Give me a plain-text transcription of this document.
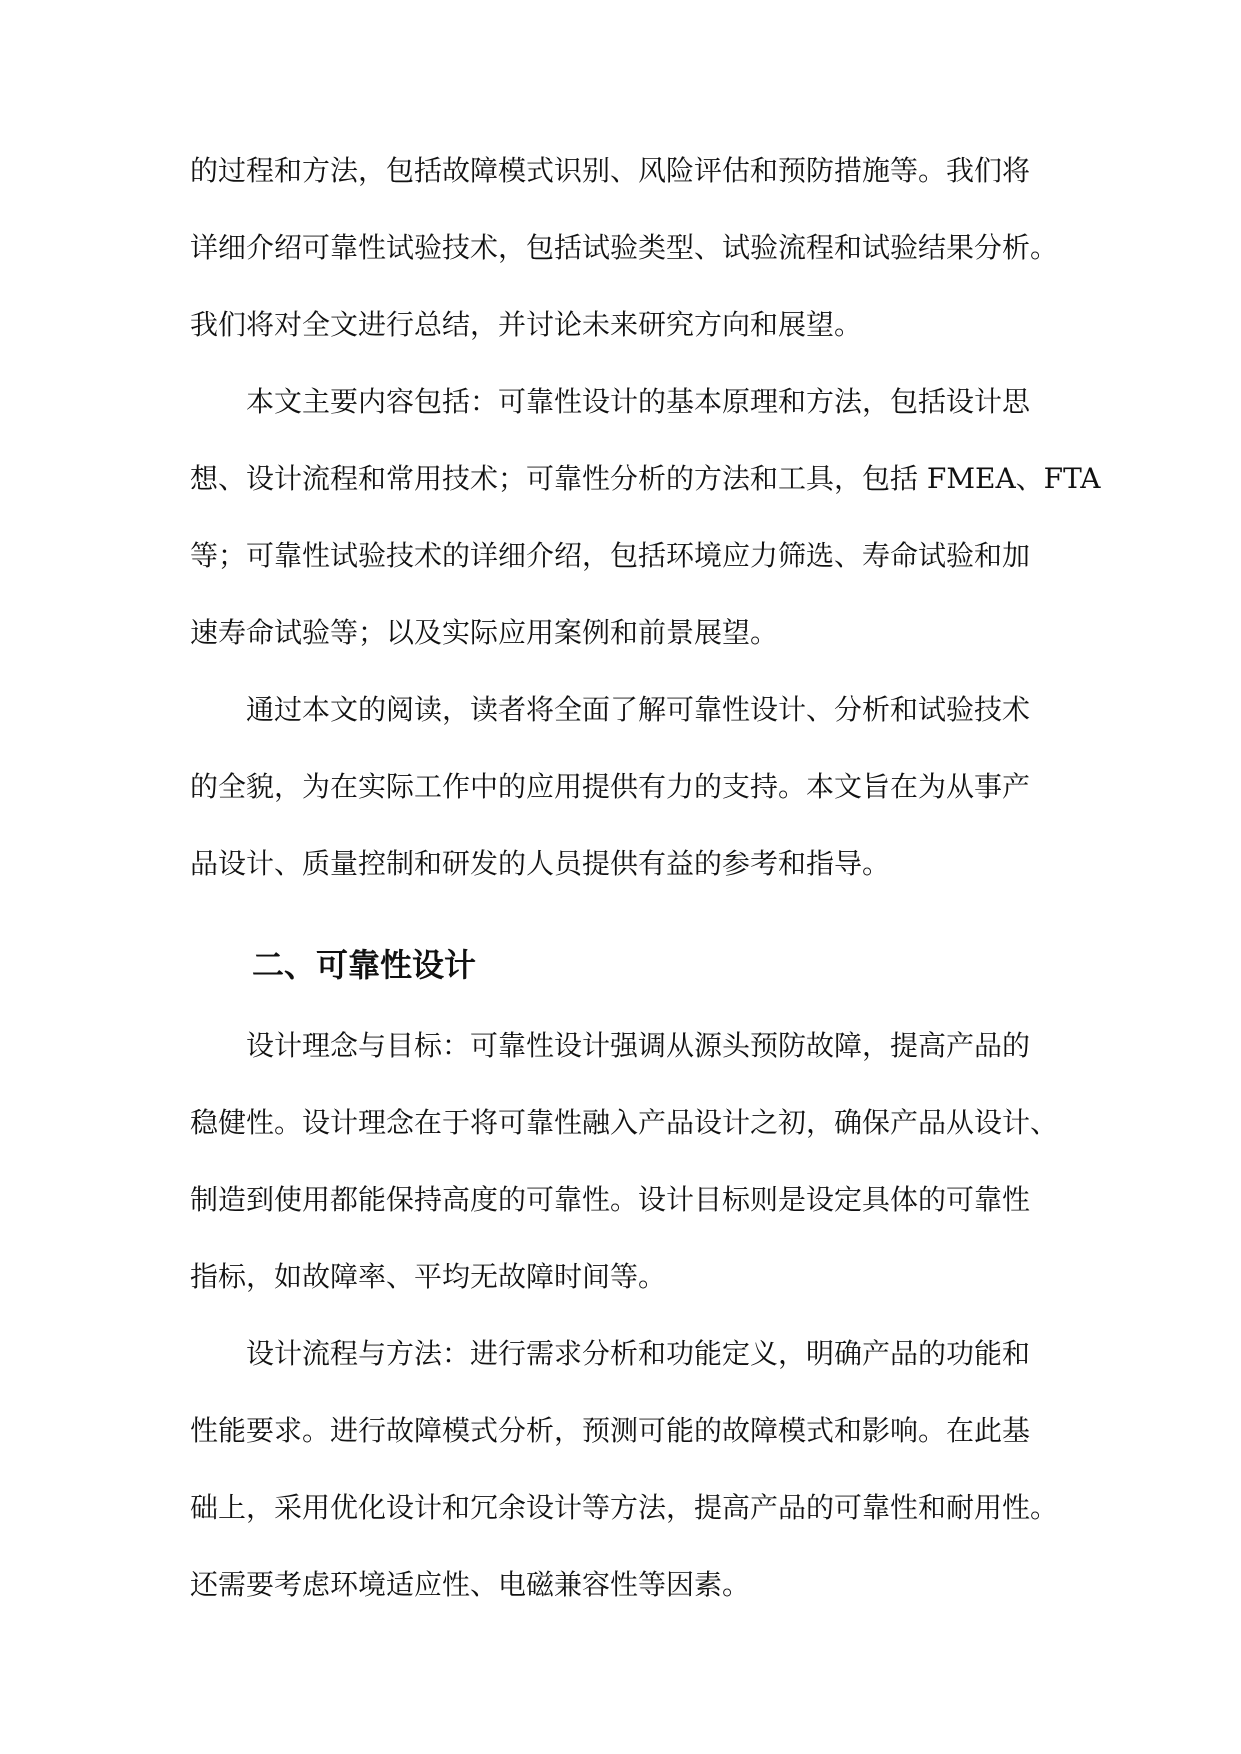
的过程和方法，包括故障模式识别、风险评估和预防措施等。我们将
详细介绍可靠性试验技术，包括试验类型、试验流程和试验结果分析。
我们将对全文进行总结，并讨论未来研究方向和展望。
　　本文主要内容包括：可靠性设计的基本原理和方法，包括设计思
想、设计流程和常用技术；可靠性分析的方法和工具，包括 FMEA、FTA
等；可靠性试验技术的详细介绍，包括环境应力筛选、寿命试验和加
速寿命试验等；以及实际应用案例和前景展望。
　　通过本文的阅读，读者将全面了解可靠性设计、分析和试验技术
的全貌，为在实际工作中的应用提供有力的支持。本文旨在为从事产
品设计、质量控制和研发的人员提供有益的参考和指导。
二、可靠性设计
　　设计理念与目标：可靠性设计强调从源头预防故障，提高产品的
稳健性。设计理念在于将可靠性融入产品设计之初，确保产品从设计、
制造到使用都能保持高度的可靠性。设计目标则是设定具体的可靠性
指标，如故障率、平均无故障时间等。
　　设计流程与方法：进行需求分析和功能定义，明确产品的功能和
性能要求。进行故障模式分析，预测可能的故障模式和影响。在此基
础上，采用优化设计和冗余设计等方法，提高产品的可靠性和耐用性。
还需要考虑环境适应性、电磁兼容性等因素。
